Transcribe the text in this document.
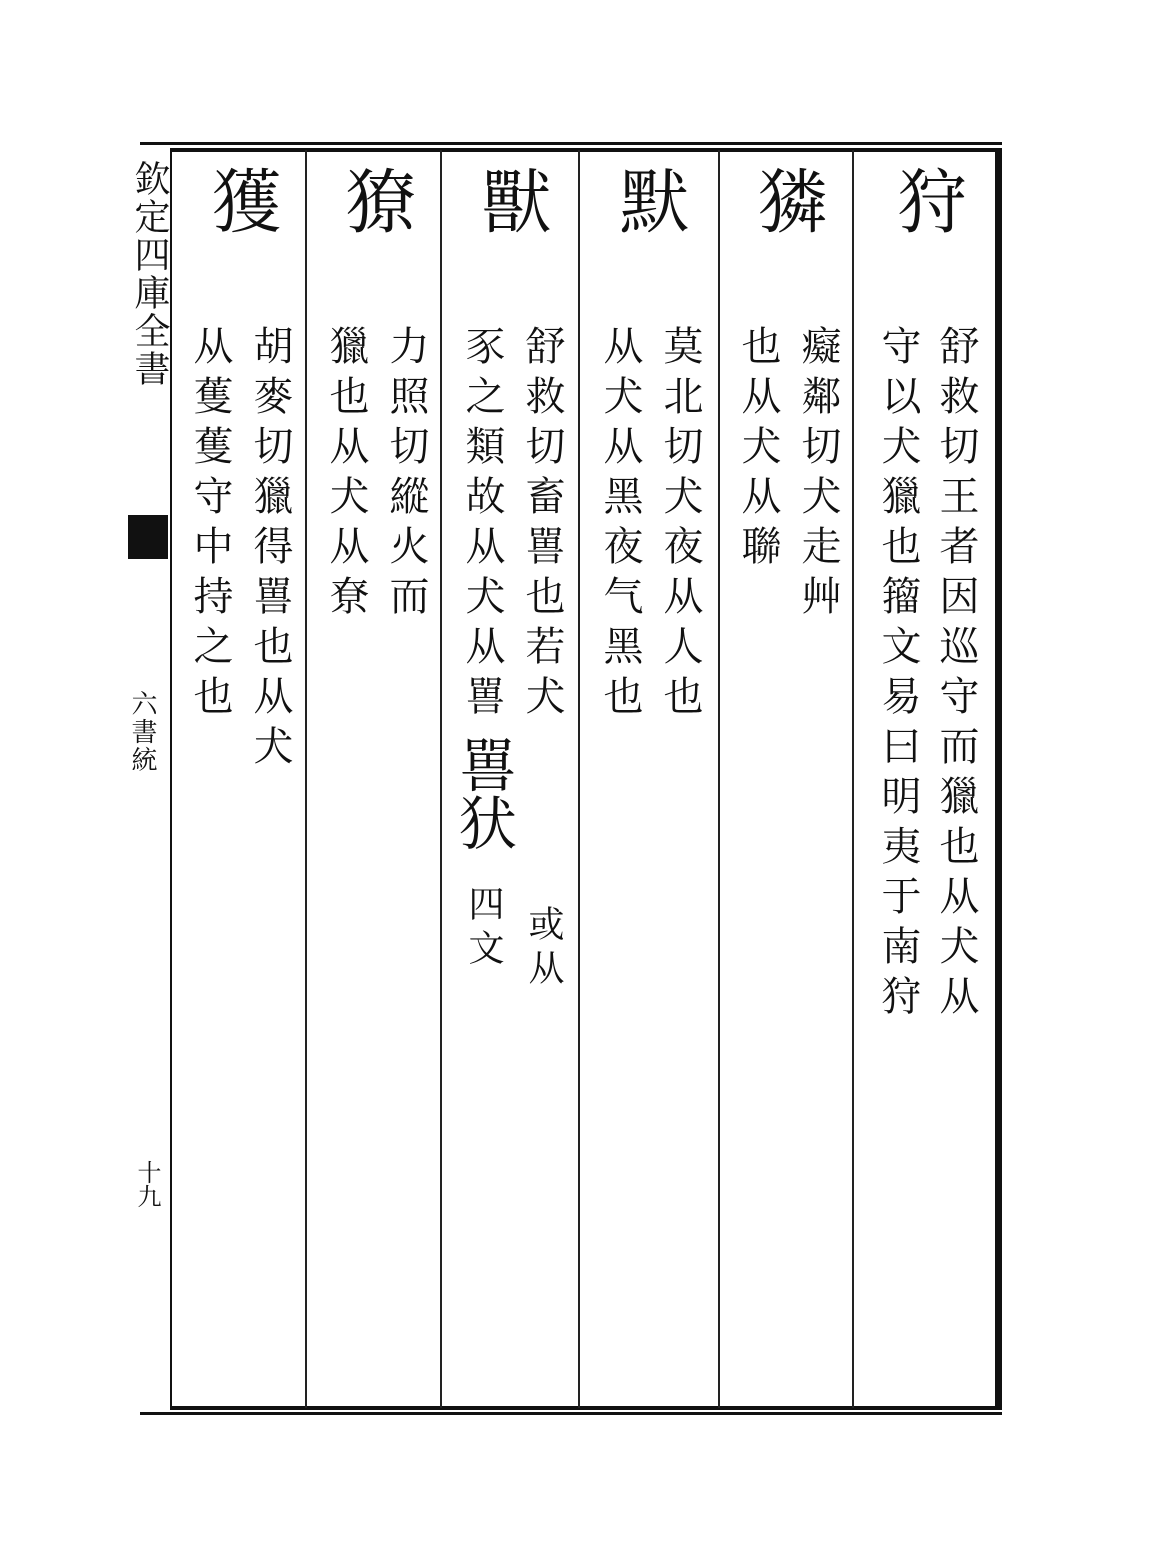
欽定四庫全書
六書統
十九
狩
舒救切王者因巡守而獵也从犬从
守以犬獵也籀文易曰明夷于南狩
獜
癡鄰切犬走艸
也从犬从聯
默
莫北切犬夜从人也
从犬从黑夜气黑也
獸
舒救切畜嘼也若犬
豕之類故从犬从嘼
嘼犾
或从
四文
獠
力照切縱火而
獵也从犬从尞
獲
胡麥切獵得嘼也从犬
从蒦蒦守中持之也
